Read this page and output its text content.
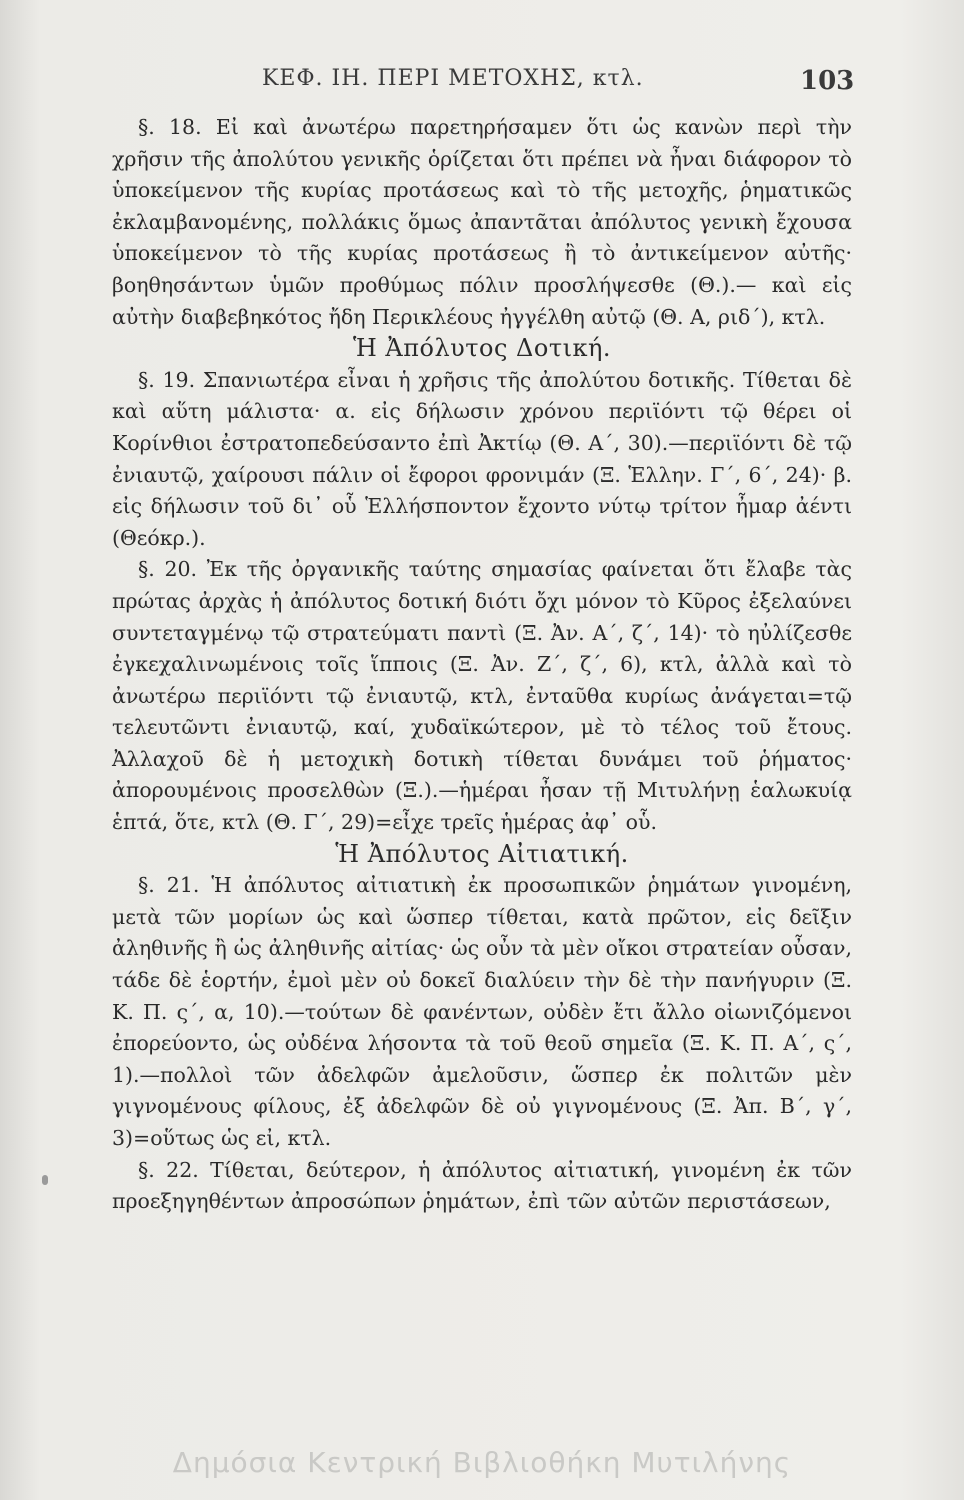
ΚΕΦ. ΙΗ. ΠΕΡΙ ΜΕΤΟΧΗΣ, κτλ.	103

§. 18. Εἰ καὶ ἀνωτέρω παρετηρήσαμεν ὅτι ὡς κανὼν περὶ τὴν χρῆσιν τῆς ἀπολύτου γενικῆς ὁρίζεται ὅτι πρέπει νὰ ἦναι διάφορον τὸ ὑποκείμενον τῆς κυρίας προτάσεως καὶ τὸ τῆς μετοχῆς, ῥηματικῶς ἐκλαμβανομένης, πολλάκις ὅμως ἀπαντᾶται ἀπόλυτος γενικὴ ἔχουσα ὑποκείμενον τὸ τῆς κυρίας προτάσεως ἢ τὸ ἀντικείμενον αὐτῆς· βοηθησάντων ὑμῶν προθύμως πόλιν προσλήψεσθε (Θ.).— καὶ εἰς αὐτὴν διαβεβηκότος ἤδη Περικλέους ἠγγέλθη αὐτῷ (Θ. Α, ριδ´), κτλ.

Ἡ Ἀπόλυτος Δοτική.

§. 19. Σπανιωτέρα εἶναι ἡ χρῆσις τῆς ἀπολύτου δοτικῆς. Τίθεται δὲ καὶ αὕτη μάλιστα· α. εἰς δήλωσιν χρόνου περιϊόντι τῷ θέρει οἱ Κορίνθιοι ἐστρατοπεδεύσαντο ἐπὶ Ἀκτίῳ (Θ. Α´, 30).—περιϊόντι δὲ τῷ ἐνιαυτῷ, χαίρουσι πάλιν οἱ ἔφοροι φρονιμάν (Ξ. Ἑλλην. Γ´, 6´, 24)· β. εἰς δήλωσιν τοῦ δι᾽ οὗ Ἑλλήσποντον ἔχοντο νύτῳ τρίτον ἦμαρ ἀέντι (Θεόκρ.).

§. 20. Ἐκ τῆς ὀργανικῆς ταύτης σημασίας φαίνεται ὅτι ἔλαβε τὰς πρώτας ἀρχὰς ἡ ἀπόλυτος δοτική διότι ὄχι μόνον τὸ Κῦρος ἐξελαύνει συντεταγμένῳ τῷ στρατεύματι παντὶ (Ξ. Ἀν. Α´, ζ´, 14)· τὸ ηὐλίζεσθε ἐγκεχαλινωμένοις τοῖς ἵπποις (Ξ. Ἀν. Ζ´, ζ´, 6), κτλ, ἀλλὰ καὶ τὸ ἀνωτέρω περιϊόντι τῷ ἐνιαυτῷ, κτλ, ἐνταῦθα κυρίως ἀνάγεται=τῷ τελευτῶντι ἐνιαυτῷ, καί, χυδαϊκώτερον, μὲ τὸ τέλος τοῦ ἔτους. Ἀλλαχοῦ δὲ ἡ μετοχικὴ δοτικὴ τίθεται δυνάμει τοῦ ῥήματος· ἀπορουμένοις προσελθὼν (Ξ.).—ἡμέραι ἦσαν τῇ Μιτυλήνῃ ἑαλωκυίᾳ ἑπτά, ὅτε, κτλ (Θ. Γ´, 29)=εἶχε τρεῖς ἡμέρας ἀφ᾽ οὗ.

Ἡ Ἀπόλυτος Αἰτιατική.

§. 21. Ἡ ἀπόλυτος αἰτιατικὴ ἐκ προσωπικῶν ῥημάτων γινομένη, μετὰ τῶν μορίων ὡς καὶ ὥσπερ τίθεται, κατὰ πρῶτον, εἰς δεῖξιν ἀληθινῆς ἢ ὡς ἀληθινῆς αἰτίας· ὡς οὖν τὰ μὲν οἴκοι στρατείαν οὖσαν, τάδε δὲ ἑορτήν, ἐμοὶ μὲν οὐ δοκεῖ διαλύειν τὴν δὲ τὴν πανήγυριν (Ξ. Κ. Π. ς´, α, 10).—τούτων δὲ φανέντων, οὐδὲν ἔτι ἄλλο οἰωνιζόμενοι ἐπορεύοντο, ὡς οὐδένα λήσοντα τὰ τοῦ θεοῦ σημεῖα (Ξ. Κ. Π. Α´, ς´, 1).—πολλοὶ τῶν ἀδελφῶν ἀμελοῦσιν, ὥσπερ ἐκ πολιτῶν μὲν γιγνομένους φίλους, ἐξ ἀδελφῶν δὲ οὐ γιγνομένους (Ξ. Ἀπ. Β´, γ´, 3)=οὕτως ὡς εἰ, κτλ.

§. 22. Τίθεται, δεύτερον, ἡ ἀπόλυτος αἰτιατική, γινομένη ἐκ τῶν προεξηγηθέντων ἀπροσώπων ῥημάτων, ἐπὶ τῶν αὐτῶν περιστάσεων,

Δημόσια Κεντρική Βιβλιοθήκη Μυτιλήνης
